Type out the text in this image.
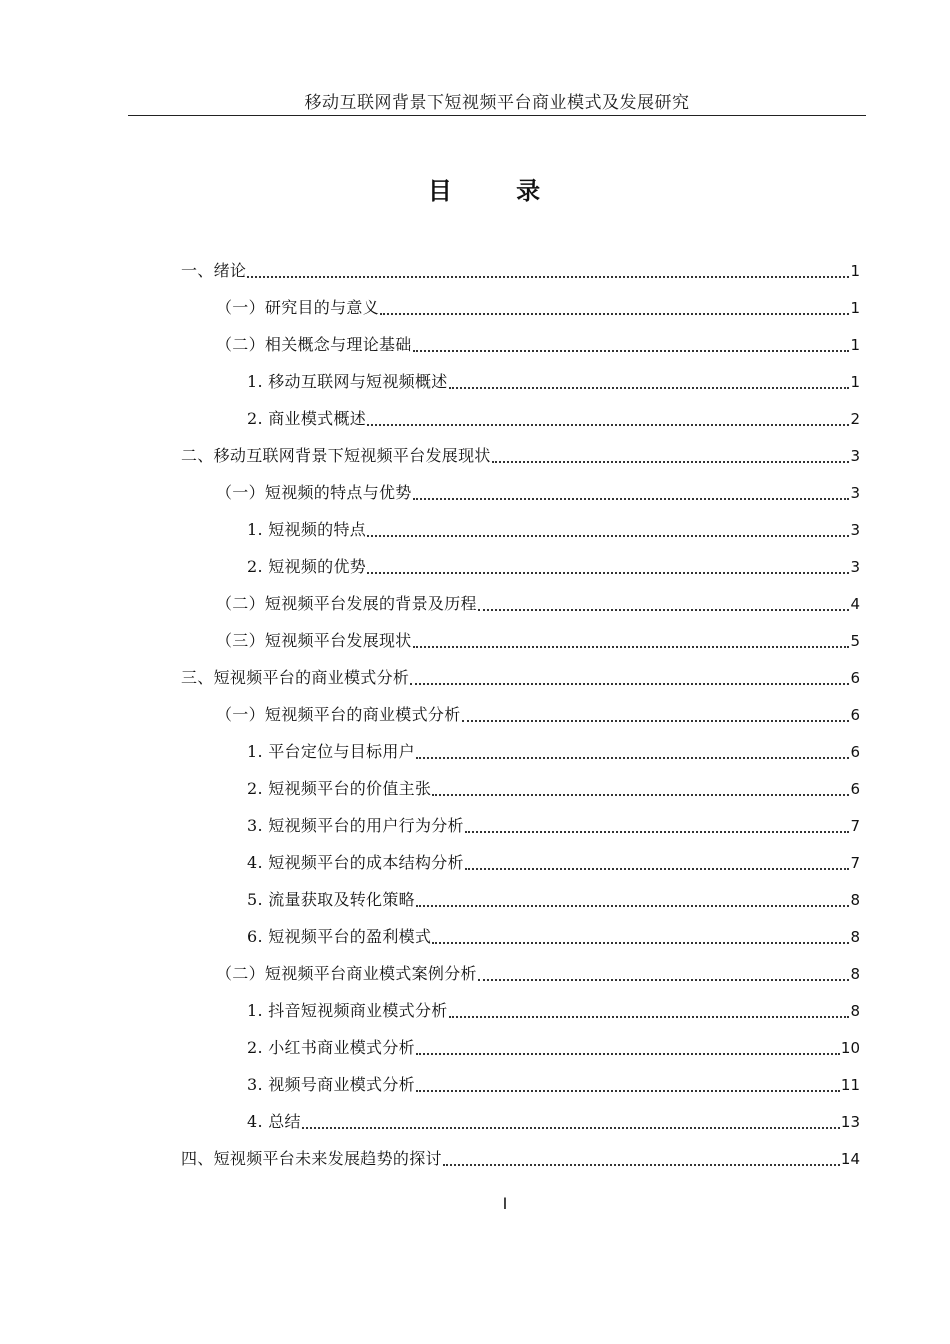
移动互联网背景下短视频平台商业模式及发展研究
目 录
一、绪论	1
（一）研究目的与意义	1
（二）相关概念与理论基础	1
1. 移动互联网与短视频概述	1
2. 商业模式概述	2
二、移动互联网背景下短视频平台发展现状	3
（一）短视频的特点与优势	3
1. 短视频的特点	3
2. 短视频的优势	3
（二）短视频平台发展的背景及历程	4
（三）短视频平台发展现状	5
三、短视频平台的商业模式分析	6
（一）短视频平台的商业模式分析	6
1. 平台定位与目标用户	6
2. 短视频平台的价值主张	6
3. 短视频平台的用户行为分析	7
4. 短视频平台的成本结构分析	7
5. 流量获取及转化策略	8
6. 短视频平台的盈利模式	8
（二）短视频平台商业模式案例分析	8
1. 抖音短视频商业模式分析	8
2. 小红书商业模式分析	10
3. 视频号商业模式分析	11
4. 总结	13
四、短视频平台未来发展趋势的探讨	14
I
